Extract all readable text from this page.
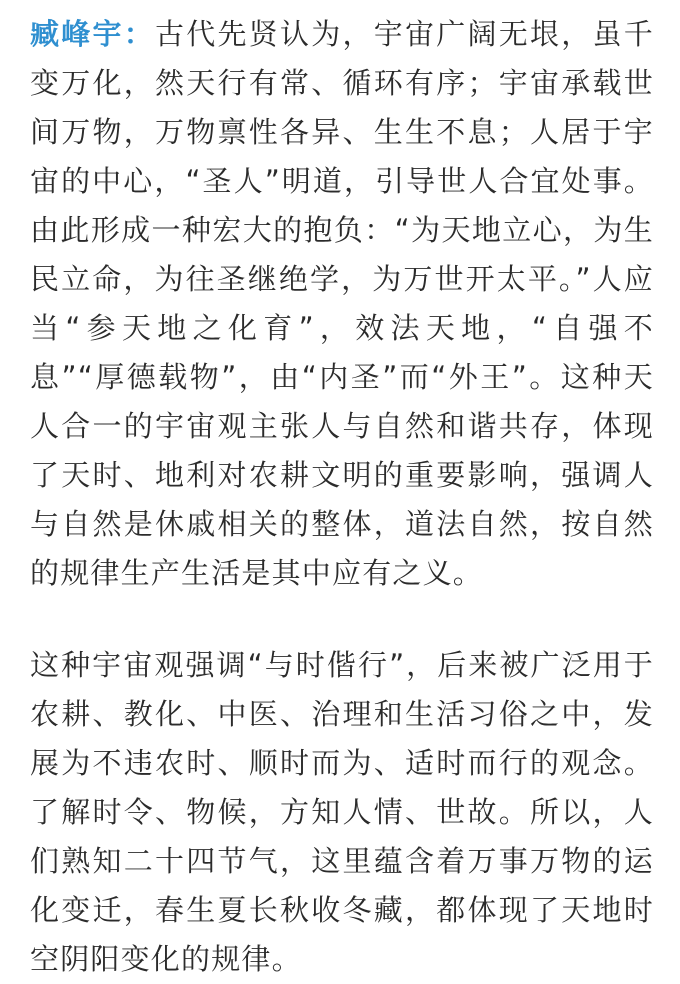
臧峰宇：古代先贤认为，宇宙广阔无垠，虽千变万化，然天行有常、循环有序；宇宙承载世间万物，万物禀性各异、生生不息；人居于宇宙的中心，“圣人”明道，引导世人合宜处事。由此形成一种宏大的抱负：“为天地立心，为生民立命，为往圣继绝学，为万世开太平。”人应当“参天地之化育”，效法天地，“自强不息”“厚德载物”，由“内圣”而“外王”。这种天人合一的宇宙观主张人与自然和谐共存，体现了天时、地利对农耕文明的重要影响，强调人与自然是休戚相关的整体，道法自然，按自然的规律生产生活是其中应有之义。

这种宇宙观强调“与时偕行”，后来被广泛用于农耕、教化、中医、治理和生活习俗之中，发展为不违农时、顺时而为、适时而行的观念。了解时令、物候，方知人情、世故。所以，人们熟知二十四节气，这里蕴含着万事万物的运化变迁，春生夏长秋收冬藏，都体现了天地时空阴阳变化的规律。
